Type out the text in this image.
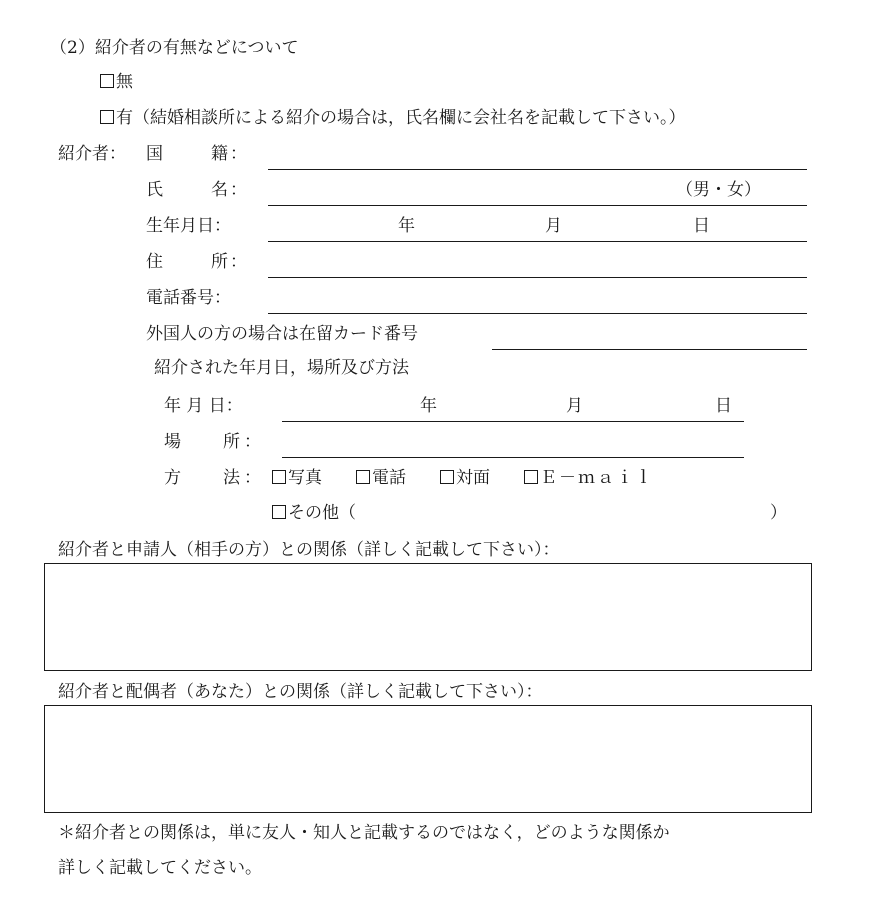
（2）紹介者の有無などについて
無
有（結婚相談所による紹介の場合は，氏名欄に会社名を記載して下さい。）
紹介者： 国	籍 ：
氏	名 ：	（男・女）
生年月日：	年	月	日
住	所 ：
電話番号：
外国人の方の場合は在留カード番号
紹介された年月日，場所及び方法
年 月 日：	年	月	日
場 所 ：
方 法 ：	写真	電話	対面	Ｅ－ｍａｉｌ
その他（	）
紹介者と申請人（相手の方）との関係（詳しく記載して下さい）：
紹介者と配偶者（あなた）との関係（詳しく記載して下さい）：
＊紹介者との関係は，単に友人・知人と記載するのではなく，どのような関係か
詳しく記載してください。
